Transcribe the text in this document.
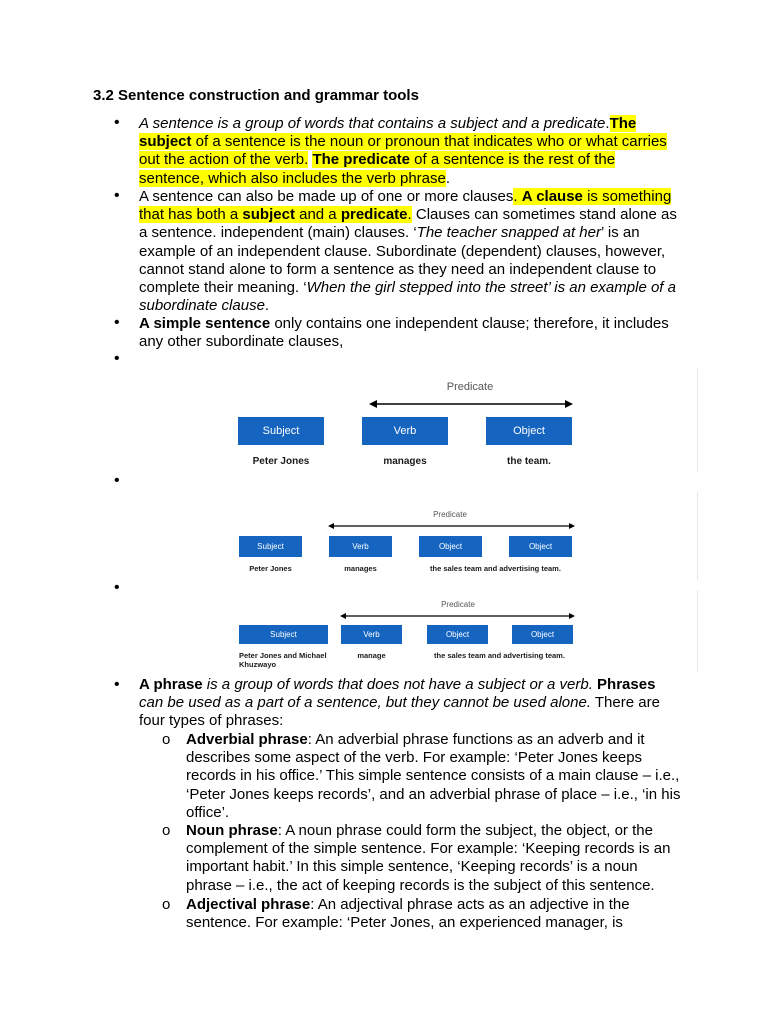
3.2 Sentence construction and grammar tools
• A sentence is a group of words that contains a subject and a predicate.The subject of a sentence is the noun or pronoun that indicates who or what carries out the action of the verb. The predicate of a sentence is the rest of the sentence, which also includes the verb phrase.
• A sentence can also be made up of one or more clauses. A clause is something that has both a subject and a predicate. Clauses can sometimes stand alone as a sentence. independent (main) clauses. ‘The teacher snapped at her’ is an example of an independent clause. Subordinate (dependent) clauses, however, cannot stand alone to form a sentence as they need an independent clause to complete their meaning. ‘When the girl stepped into the street’ is an example of a subordinate clause.
• A simple sentence only contains one independent clause; therefore, it includes any other subordinate clauses,
•
•
•
Predicate
Subject	Verb	Object
Peter Jones	manages	the team.
Predicate
Subject	Verb	Object	Object
Peter Jones	manages	the sales team and advertising team.
Predicate
Subject	Verb	Object	Object
Peter Jones and Michael Khuzwayo
manage	the sales team and advertising team.
• A phrase is a group of words that does not have a subject or a verb. Phrases can be used as a part of a sentence, but they cannot be used alone. There are four types of phrases:
o Adverbial phrase: An adverbial phrase functions as an adverb and it describes some aspect of the verb. For example: ‘Peter Jones keeps records in his office.’ This simple sentence consists of a main clause – i.e., ‘Peter Jones keeps records’, and an adverbial phrase of place – i.e., ‘in his office’.
o Noun phrase: A noun phrase could form the subject, the object, or the complement of the simple sentence. For example: ‘Keeping records is an important habit.’ In this simple sentence, ‘Keeping records’ is a noun phrase – i.e., the act of keeping records is the subject of this sentence.
o Adjectival phrase: An adjectival phrase acts as an adjective in the sentence. For example: ‘Peter Jones, an experienced manager, is
